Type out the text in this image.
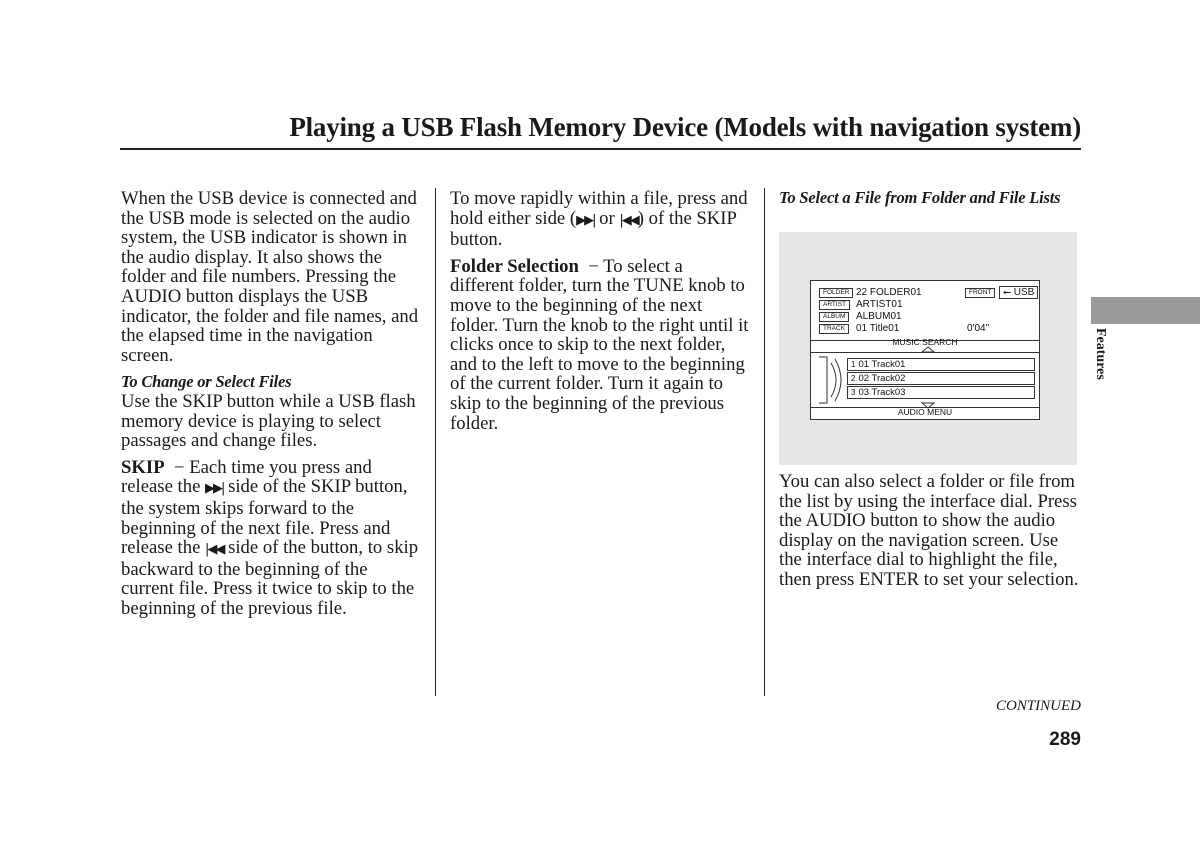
Playing a USB Flash Memory Device (Models with navigation system)

When the USB device is connected and the USB mode is selected on the audio system, the USB indicator is shown in the audio display. It also shows the folder and file numbers. Pressing the AUDIO button displays the USB indicator, the folder and file names, and the elapsed time in the navigation screen.

To Change or Select Files

Use the SKIP button while a USB flash memory device is playing to select passages and change files.

SKIP − Each time you press and release the ▶▶| side of the SKIP button, the system skips forward to the beginning of the next file. Press and release the |◀◀ side of the button, to skip backward to the beginning of the current file. Press it twice to skip to the beginning of the previous file.

To move rapidly within a file, press and hold either side (▶▶| or |◀◀) of the SKIP button.

Folder Selection − To select a different folder, turn the TUNE knob to move to the beginning of the next folder. Turn the knob to the right until it clicks once to skip to the next folder, and to the left to move to the beginning of the current folder. Turn it again to skip to the beginning of the previous folder.

To Select a File from Folder and File Lists

FOLDER 22 FOLDER01	FRONT	⭠ USB
ARTIST	ARTIST01
ALBUM	ALBUM01
TRACK	01 Title01	0'04"
MUSIC SEARCH
1 01 Track01
2 02 Track02
3 03 Track03
AUDIO MENU

You can also select a folder or file from the list by using the interface dial. Press the AUDIO button to show the audio display on the navigation screen. Use the interface dial to highlight the file, then press ENTER to set your selection.

Features
CONTINUED
289
